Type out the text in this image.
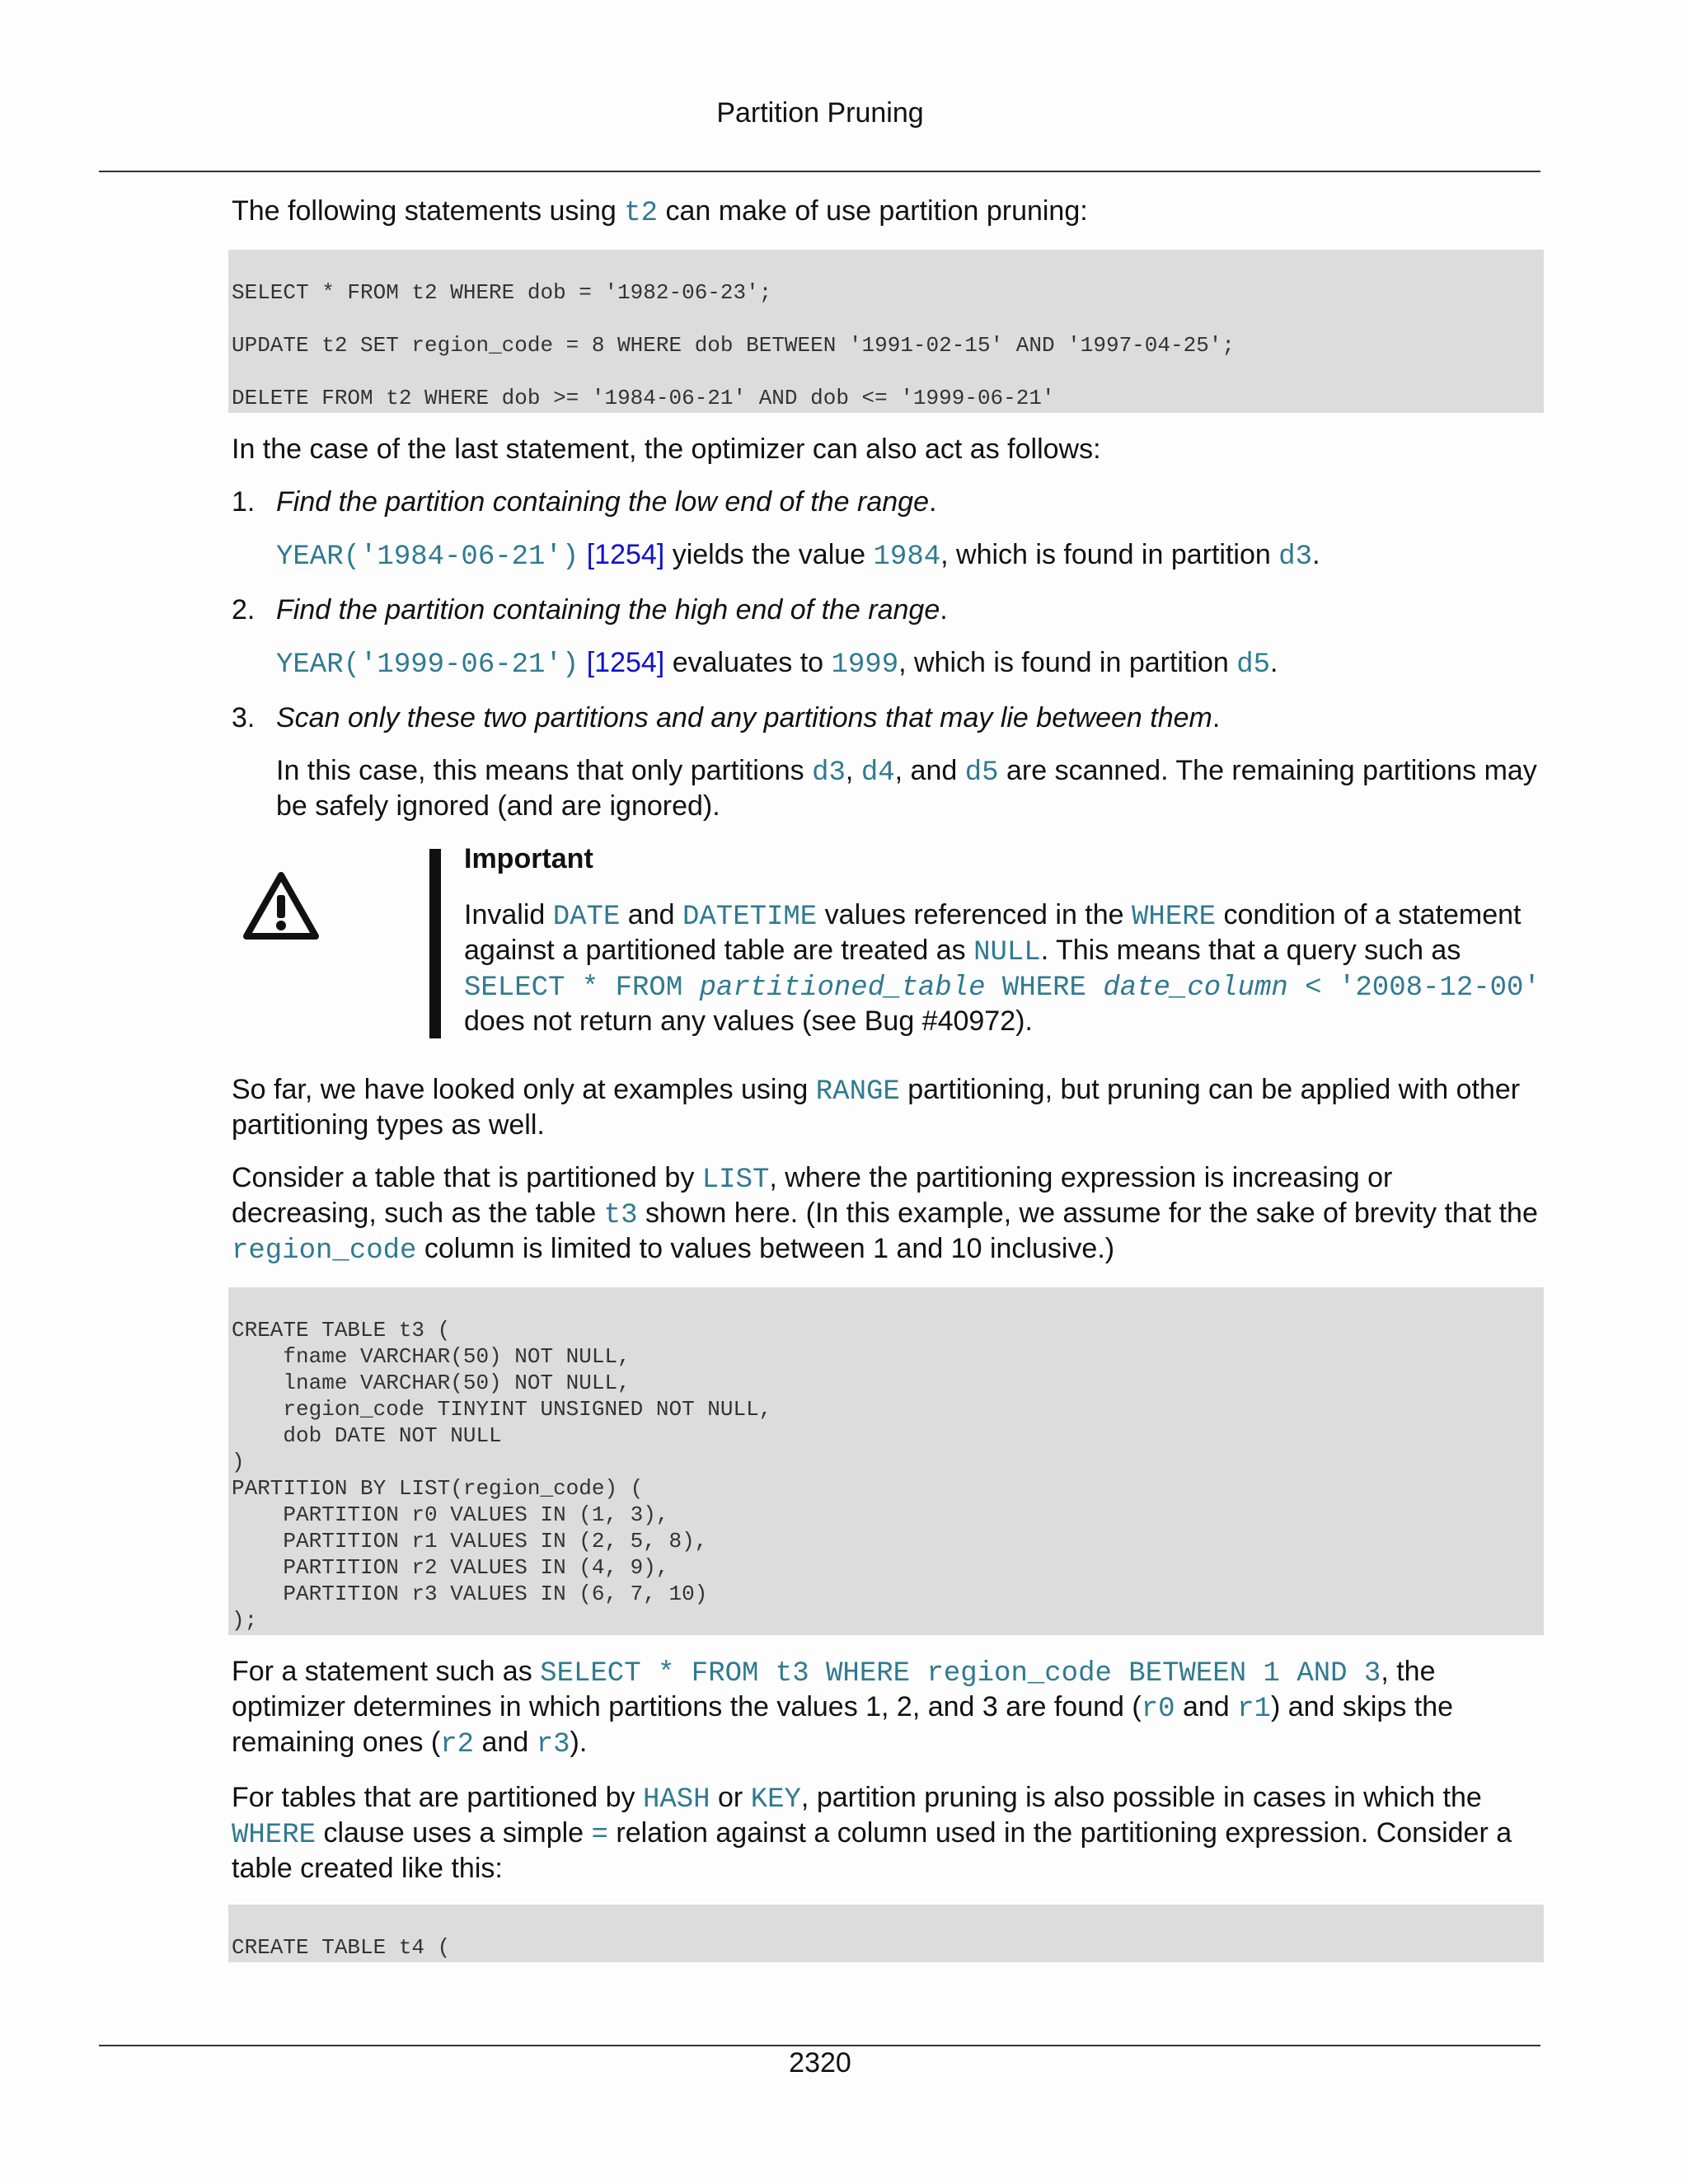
Partition Pruning

The following statements using t2 can make of use partition pruning:

SELECT * FROM t2 WHERE dob = '1982-06-23';
UPDATE t2 SET region_code = 8 WHERE dob BETWEEN '1991-02-15' AND '1997-04-25';
DELETE FROM t2 WHERE dob >= '1984-06-21' AND dob <= '1999-06-21'

In the case of the last statement, the optimizer can also act as follows:

1. Find the partition containing the low end of the range.

YEAR('1984-06-21') [1254] yields the value 1984, which is found in partition d3.

2. Find the partition containing the high end of the range.

YEAR('1999-06-21') [1254] evaluates to 1999, which is found in partition d5.

3. Scan only these two partitions and any partitions that may lie between them.

In this case, this means that only partitions d3, d4, and d5 are scanned. The remaining partitions may be safely ignored (and are ignored).

Important

Invalid DATE and DATETIME values referenced in the WHERE condition of a statement against a partitioned table are treated as NULL. This means that a query such as SELECT * FROM partitioned_table WHERE date_column < '2008-12-00' does not return any values (see Bug #40972).

So far, we have looked only at examples using RANGE partitioning, but pruning can be applied with other partitioning types as well.

Consider a table that is partitioned by LIST, where the partitioning expression is increasing or decreasing, such as the table t3 shown here. (In this example, we assume for the sake of brevity that the region_code column is limited to values between 1 and 10 inclusive.)

CREATE TABLE t3 (
fname VARCHAR(50) NOT NULL,
lname VARCHAR(50) NOT NULL,
region_code TINYINT UNSIGNED NOT NULL,
dob DATE NOT NULL
)
PARTITION BY LIST(region_code) (
PARTITION r0 VALUES IN (1, 3),
PARTITION r1 VALUES IN (2, 5, 8),
PARTITION r2 VALUES IN (4, 9),
PARTITION r3 VALUES IN (6, 7, 10)
);

For a statement such as SELECT * FROM t3 WHERE region_code BETWEEN 1 AND 3, the optimizer determines in which partitions the values 1, 2, and 3 are found (r0 and r1) and skips the remaining ones (r2 and r3).

For tables that are partitioned by HASH or KEY, partition pruning is also possible in cases in which the WHERE clause uses a simple = relation against a column used in the partitioning expression. Consider a table created like this:

CREATE TABLE t4 (
2320
